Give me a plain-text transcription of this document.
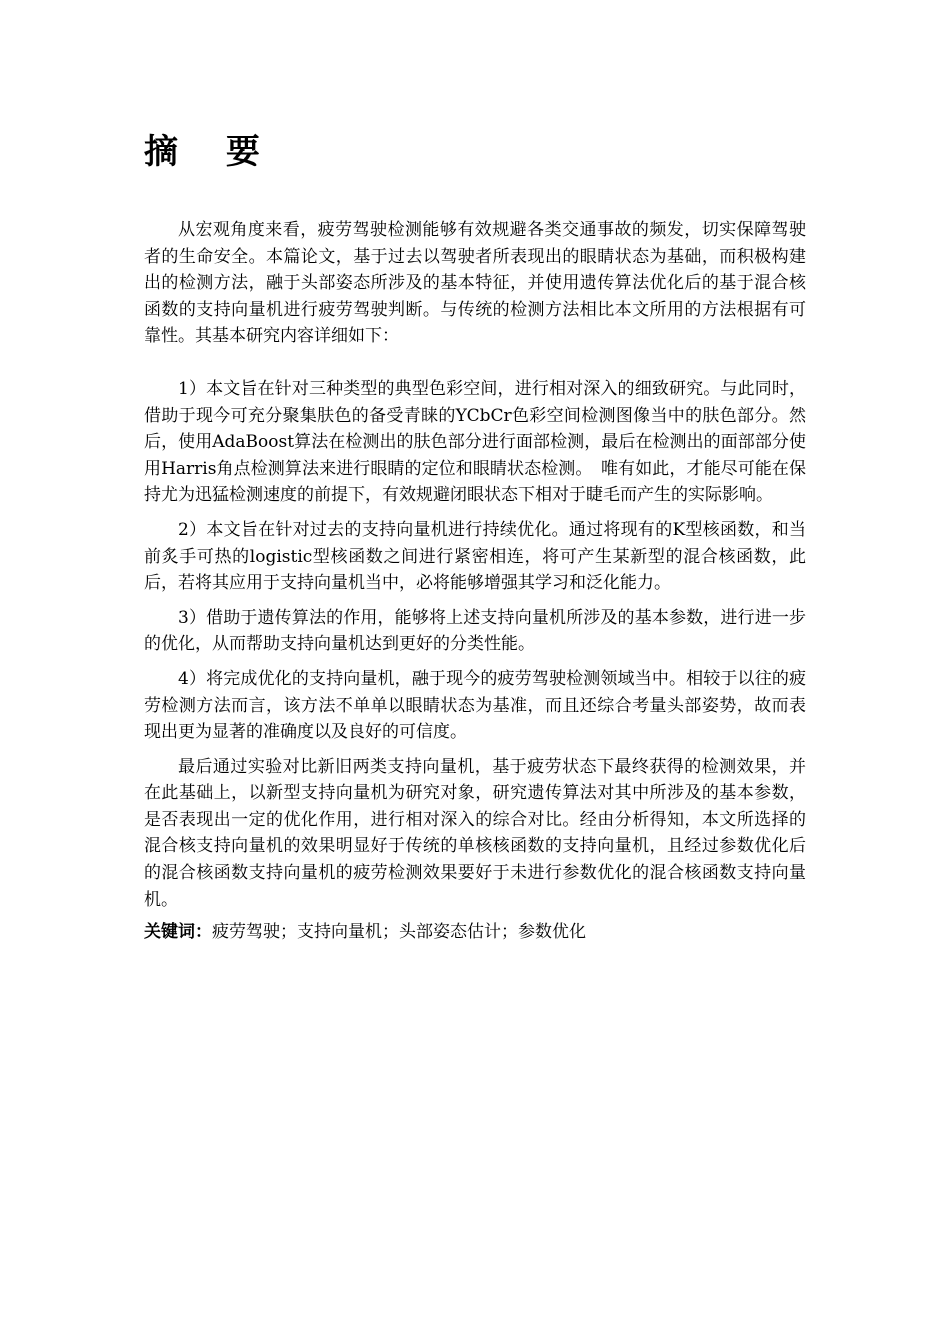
摘 要

从宏观角度来看，疲劳驾驶检测能够有效规避各类交通事故的频发，切实保障驾驶者的生命安全。本篇论文，基于过去以驾驶者所表现出的眼睛状态为基础，而积极构建出的检测方法，融于头部姿态所涉及的基本特征，并使用遗传算法优化后的基于混合核函数的支持向量机进行疲劳驾驶判断。与传统的检测方法相比本文所用的方法根据有可靠性。其基本研究内容详细如下：

1）本文旨在针对三种类型的典型色彩空间，进行相对深入的细致研究。与此同时，借助于现今可充分聚集肤色的备受青睐的YCbCr色彩空间检测图像当中的肤色部分。然后，使用AdaBoost算法在检测出的肤色部分进行面部检测，最后在检测出的面部部分使用Harris角点检测算法来进行眼睛的定位和眼睛状态检测。　唯有如此，才能尽可能在保持尤为迅猛检测速度的前提下，有效规避闭眼状态下相对于睫毛而产生的实际影响。

2）本文旨在针对过去的支持向量机进行持续优化。通过将现有的K型核函数，和当前炙手可热的logistic型核函数之间进行紧密相连，将可产生某新型的混合核函数，此后，若将其应用于支持向量机当中，必将能够增强其学习和泛化能力。

3）借助于遗传算法的作用，能够将上述支持向量机所涉及的基本参数，进行进一步的优化，从而帮助支持向量机达到更好的分类性能。

4）将完成优化的支持向量机，融于现今的疲劳驾驶检测领域当中。相较于以往的疲劳检测方法而言，该方法不单单以眼睛状态为基准，而且还综合考量头部姿势，故而表现出更为显著的准确度以及良好的可信度。

最后通过实验对比新旧两类支持向量机，基于疲劳状态下最终获得的检测效果，并在此基础上，以新型支持向量机为研究对象，研究遗传算法对其中所涉及的基本参数，是否表现出一定的优化作用，进行相对深入的综合对比。经由分析得知，本文所选择的混合核支持向量机的效果明显好于传统的单核核函数的支持向量机，且经过参数优化后的混合核函数支持向量机的疲劳检测效果要好于未进行参数优化的混合核函数支持向量机。

关键词：疲劳驾驶；支持向量机；头部姿态估计；参数优化
